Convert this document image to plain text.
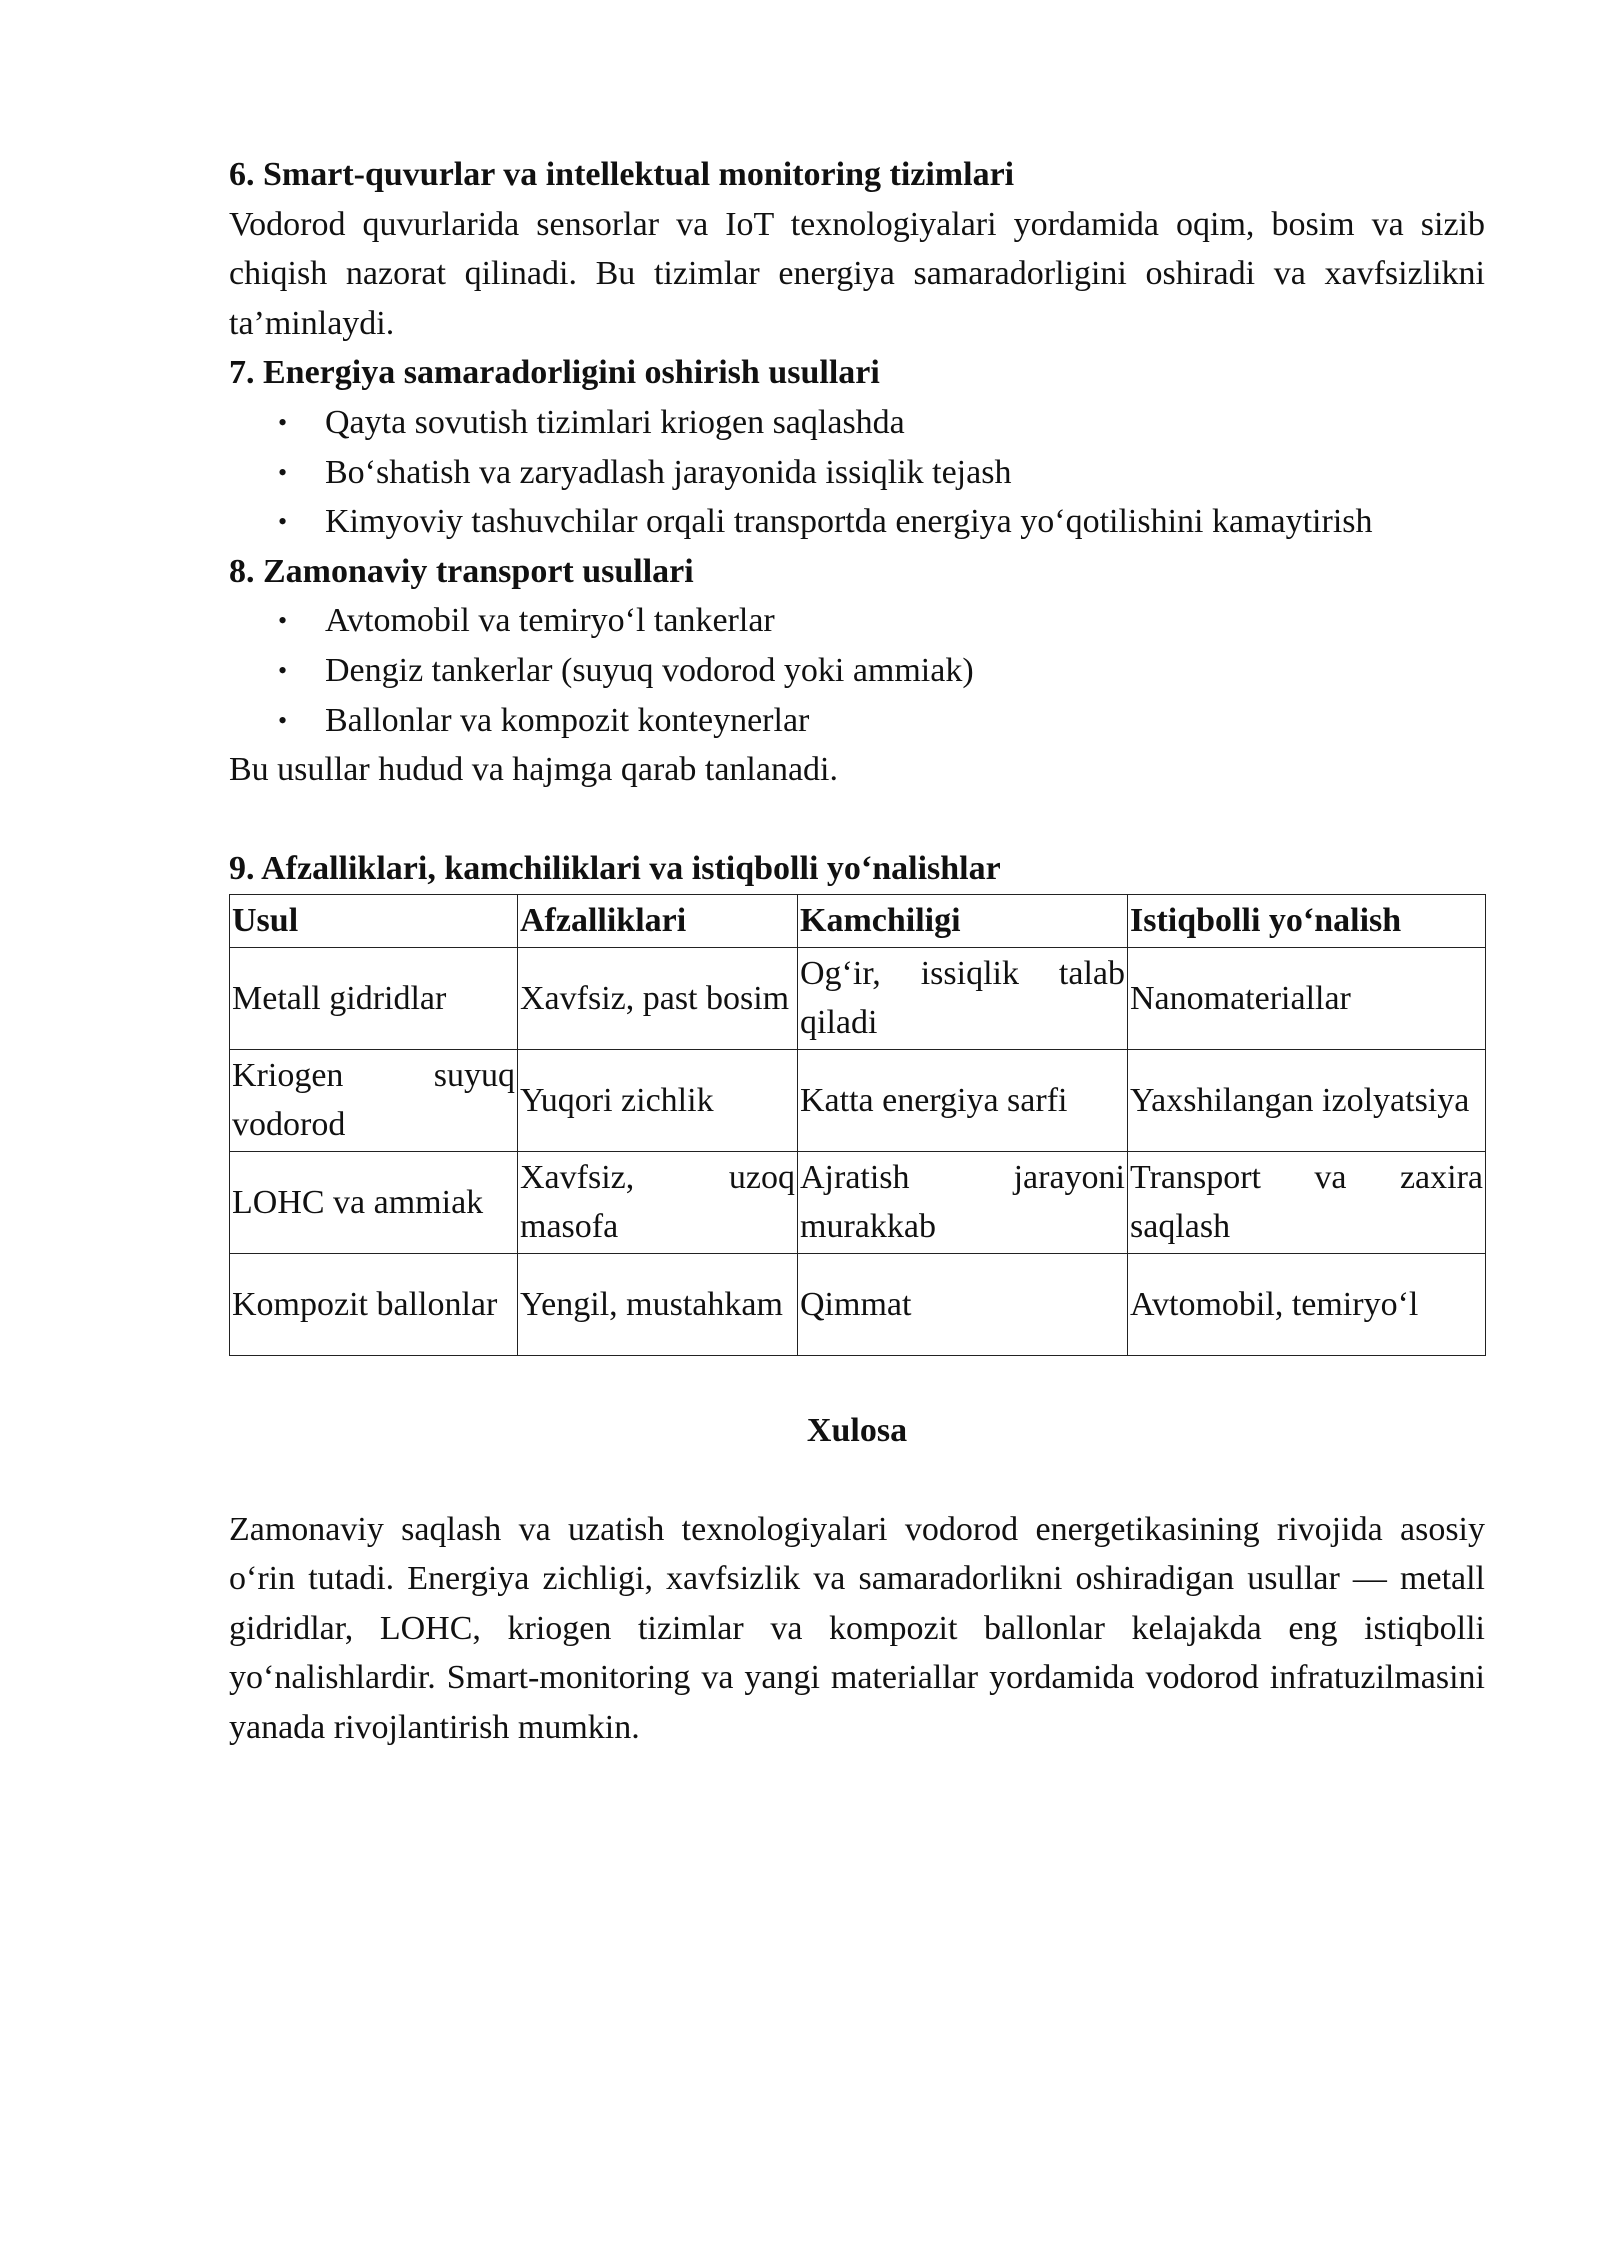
6. Smart-quvurlar va intellektual monitoring tizimlari

Vodorod quvurlarida sensorlar va IoT texnologiyalari yordamida oqim, bosim va sizib chiqish nazorat qilinadi. Bu tizimlar energiya samaradorligini oshiradi va xavfsizlikni ta’minlaydi.

7. Energiya samaradorligini oshirish usullari

• Qayta sovutish tizimlari kriogen saqlashda
• Bo‘shatish va zaryadlash jarayonida issiqlik tejash
• Kimyoviy tashuvchilar orqali transportda energiya yo‘qotilishini kamaytirish

8. Zamonaviy transport usullari

• Avtomobil va temiryo‘l tankerlar
• Dengiz tankerlar (suyuq vodorod yoki ammiak)
• Ballonlar va kompozit konteynerlar

Bu usullar hudud va hajmga qarab tanlanadi.

9. Afzalliklari, kamchiliklari va istiqbolli yo‘nalishlar

Usul	Afzalliklari	Kamchiligi	Istiqbolli yo‘nalish
Metall gidridlar	Xavfsiz, past bosim	Og‘ir, issiqlik talab qiladi	Nanomateriallar
Kriogen suyuq vodorod	Yuqori zichlik	Katta energiya sarfi	Yaxshilangan izolyatsiya
LOHC va ammiak	Xavfsiz, uzoq masofa	Ajratish jarayoni murakkab	Transport va zaxira saqlash
Kompozit ballonlar	Yengil, mustahkam	Qimmat	Avtomobil, temiryo‘l

Xulosa

Zamonaviy saqlash va uzatish texnologiyalari vodorod energetikasining rivojida asosiy o‘rin tutadi. Energiya zichligi, xavfsizlik va samaradorlikni oshiradigan usullar — metall gidridlar, LOHC, kriogen tizimlar va kompozit ballonlar kelajakda eng istiqbolli yo‘nalishlardir. Smart-monitoring va yangi materiallar yordamida vodorod infratuzilmasini yanada rivojlantirish mumkin.
